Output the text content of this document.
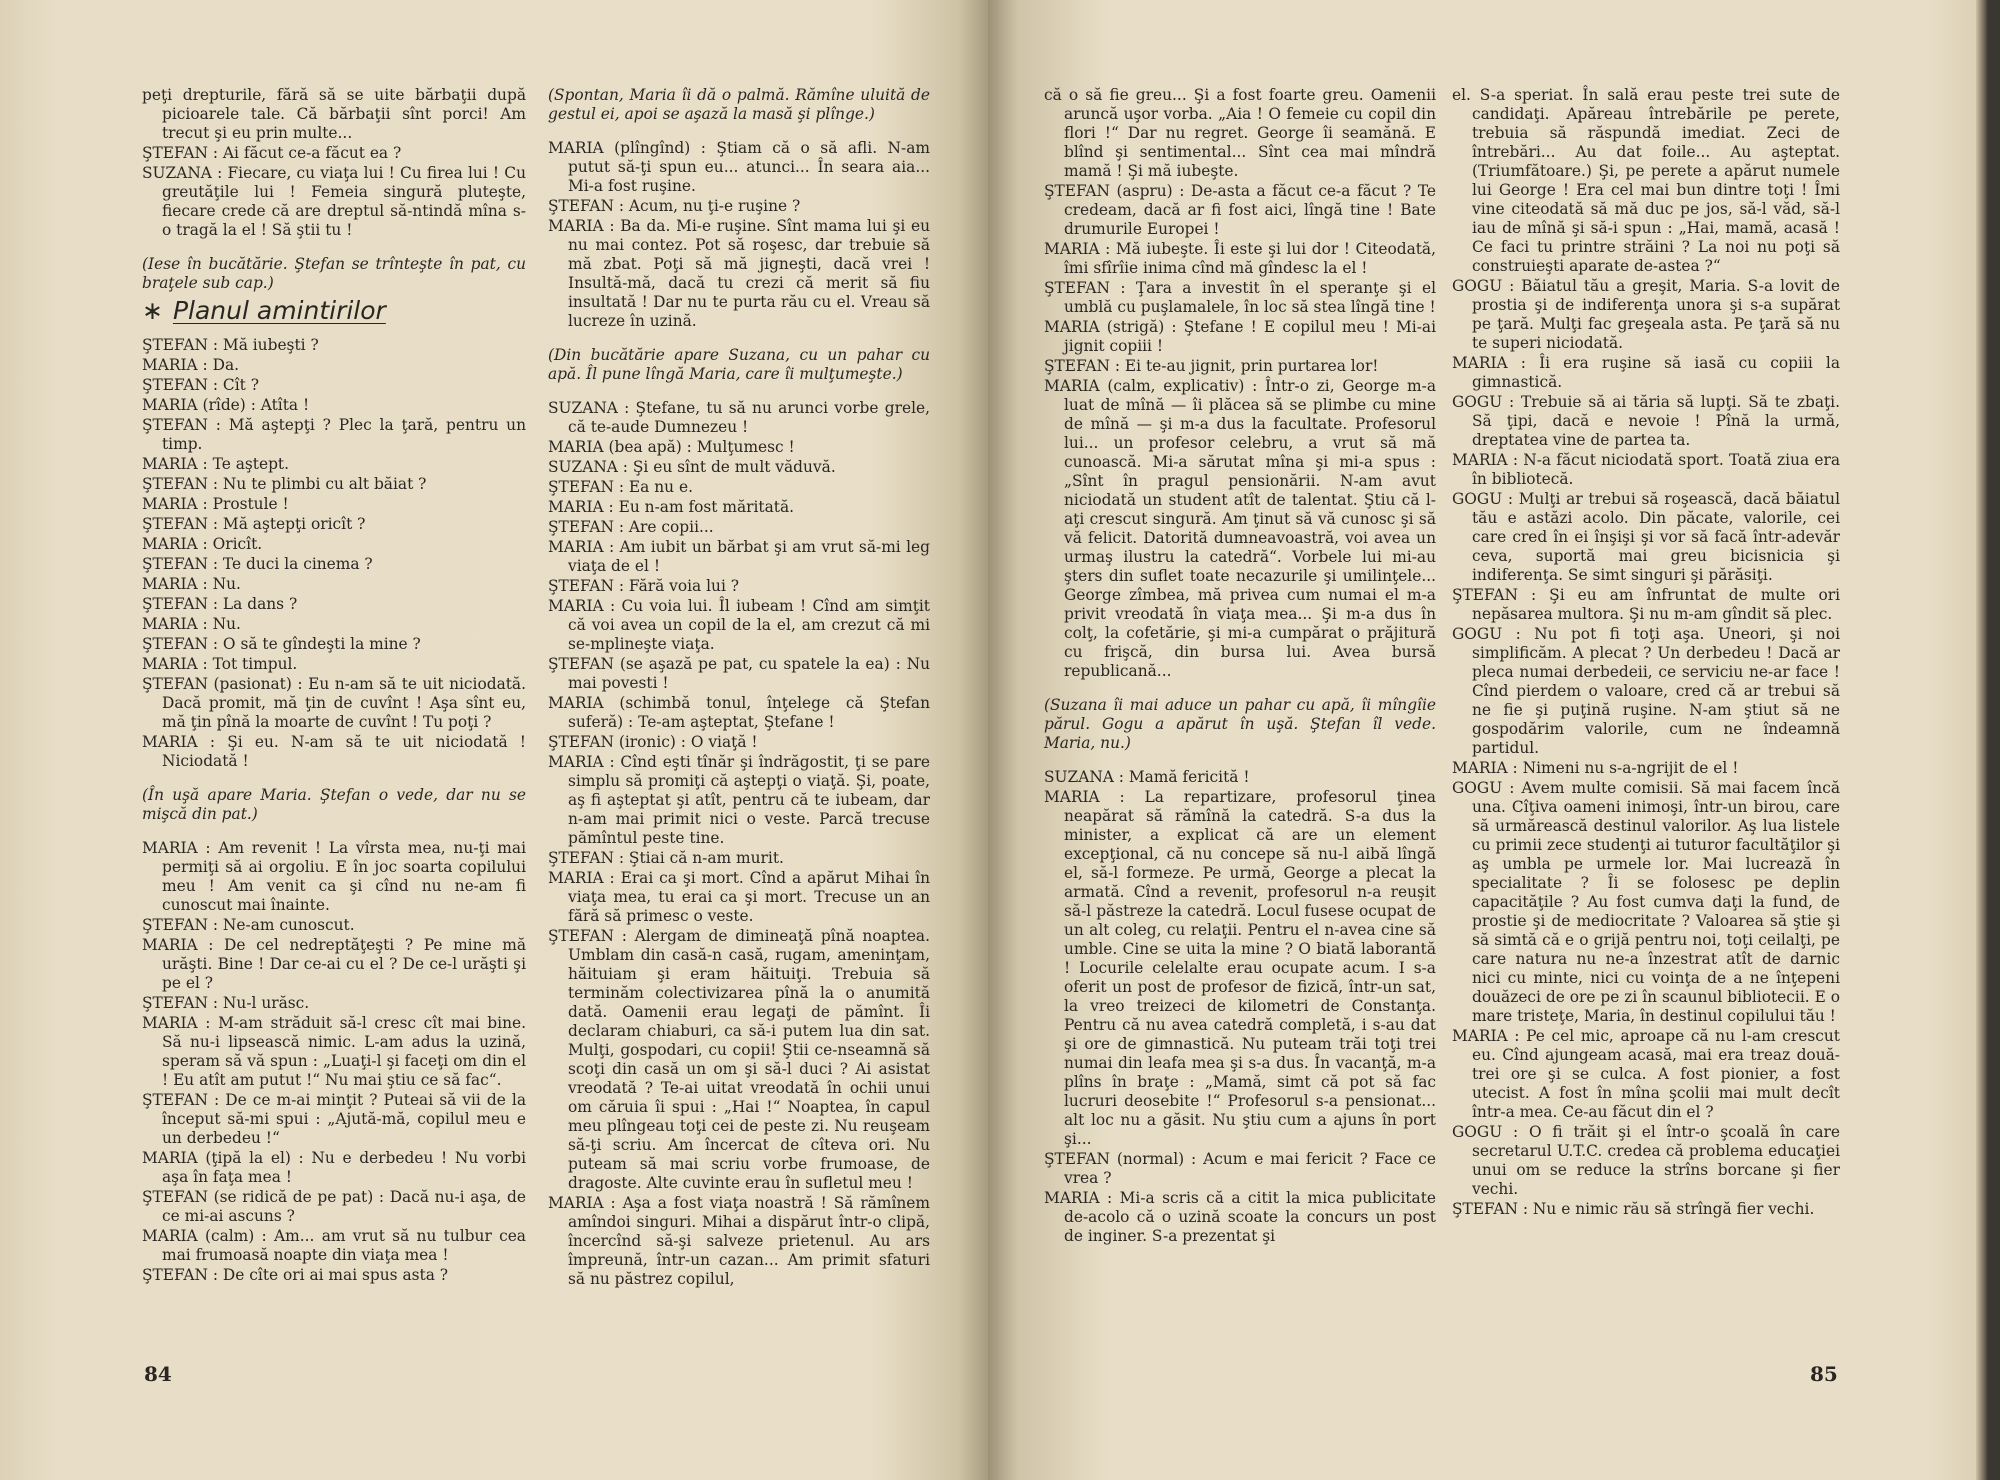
peţi drepturile, fără să se uite bărbaţii după picioarele tale. Că bărbaţii sînt porci! Am trecut şi eu prin multe...

ŞTEFAN : Ai făcut ce-a făcut ea ?

SUZANA : Fiecare, cu viaţa lui ! Cu firea lui ! Cu greutăţile lui ! Femeia singură pluteşte, fiecare crede că are dreptul să-ntindă mîna s-o tragă la el ! Să ştii tu !

(Iese în bucătărie. Ştefan se trînteşte în pat, cu braţele sub cap.)

∗ Planul amintirilor

ŞTEFAN : Mă iubeşti ?

MARIA : Da.

ŞTEFAN : Cît ?

MARIA (rîde) : Atîta !

ŞTEFAN : Mă aştepţi ? Plec la ţară, pentru un timp.

MARIA : Te aştept.

ŞTEFAN : Nu te plimbi cu alt băiat ?

MARIA : Prostule !

ŞTEFAN : Mă aştepţi oricît ?

MARIA : Oricît.

ŞTEFAN : Te duci la cinema ?

MARIA : Nu.

ŞTEFAN : La dans ?

MARIA : Nu.

ŞTEFAN : O să te gîndeşti la mine ?

MARIA : Tot timpul.

ŞTEFAN (pasionat) : Eu n-am să te uit niciodată. Dacă promit, mă ţin de cuvînt ! Aşa sînt eu, mă ţin pînă la moarte de cuvînt ! Tu poţi ?

MARIA : Şi eu. N-am să te uit niciodată ! Niciodată !

(În uşă apare Maria. Ştefan o vede, dar nu se mişcă din pat.)

MARIA : Am revenit ! La vîrsta mea, nu-ţi mai permiţi să ai orgoliu. E în joc soarta copilului meu ! Am venit ca şi cînd nu ne-am fi cunoscut mai înainte.

ŞTEFAN : Ne-am cunoscut.

MARIA : De cel nedreptăţeşti ? Pe mine mă urăşti. Bine ! Dar ce-ai cu el ? De ce-l urăşti şi pe el ?

ŞTEFAN : Nu-l urăsc.

MARIA : M-am străduit să-l cresc cît mai bine. Să nu-i lipsească nimic. L-am adus la uzină, speram să vă spun : „Luaţi-l şi faceţi om din el ! Eu atît am putut !“ Nu mai ştiu ce să fac“.

ŞTEFAN : De ce m-ai minţit ? Puteai să vii de la început să-mi spui : „Ajută-mă, copilul meu e un derbedeu !“

MARIA (ţipă la el) : Nu e derbedeu ! Nu vorbi aşa în faţa mea !

ŞTEFAN (se ridică de pe pat) : Dacă nu-i aşa, de ce mi-ai ascuns ?

MARIA (calm) : Am... am vrut să nu tulbur cea mai frumoasă noapte din viaţa mea !

ŞTEFAN : De cîte ori ai mai spus asta ?

(Spontan, Maria îi dă o palmă. Rămîne uluită de gestul ei, apoi se aşază la masă şi plînge.)

MARIA (plîngînd) : Ştiam că o să afli. N-am putut să-ţi spun eu... atunci... În seara aia... Mi-a fost ruşine.

ŞTEFAN : Acum, nu ţi-e ruşine ?

MARIA : Ba da. Mi-e ruşine. Sînt mama lui şi eu nu mai contez. Pot să roşesc, dar trebuie să mă zbat. Poţi să mă jigneşti, dacă vrei ! Insultă-mă, dacă tu crezi că merit să fiu insultată ! Dar nu te purta rău cu el. Vreau să lucreze în uzină.

(Din bucătărie apare Suzana, cu un pahar cu apă. Îl pune lîngă Maria, care îi mulţumeşte.)

SUZANA : Ştefane, tu să nu arunci vorbe grele, că te-aude Dumnezeu !

MARIA (bea apă) : Mulţumesc !

SUZANA : Şi eu sînt de mult văduvă.

ŞTEFAN : Ea nu e.

MARIA : Eu n-am fost măritată.

ŞTEFAN : Are copii...

MARIA : Am iubit un bărbat şi am vrut să-mi leg viaţa de el !

ŞTEFAN : Fără voia lui ?

MARIA : Cu voia lui. Îl iubeam ! Cînd am simţit că voi avea un copil de la el, am crezut că mi se-mplineşte viaţa.

ŞTEFAN (se aşază pe pat, cu spatele la ea) : Nu mai povesti !

MARIA (schimbă tonul, înţelege că Ştefan suferă) : Te-am aşteptat, Ştefane !

ŞTEFAN (ironic) : O viaţă !

MARIA : Cînd eşti tînăr şi îndrăgostit, ţi se pare simplu să promiţi că aştepţi o viaţă. Şi, poate, aş fi aşteptat şi atît, pentru că te iubeam, dar n-am mai primit nici o veste. Parcă trecuse pămîntul peste tine.

ŞTEFAN : Ştiai că n-am murit.

MARIA : Erai ca şi mort. Cînd a apărut Mihai în viaţa mea, tu erai ca şi mort. Trecuse un an fără să primesc o veste.

ŞTEFAN : Alergam de dimineaţă pînă noaptea. Umblam din casă-n casă, rugam, ameninţam, hăituiam şi eram hăituiţi. Trebuia să terminăm colectivizarea pînă la o anumită dată. Oamenii erau legaţi de pămînt. Îi declaram chiaburi, ca să-i putem lua din sat. Mulţi, gospodari, cu copii! Ştii ce-nseamnă să scoţi din casă un om şi să-l duci ? Ai asistat vreodată ? Te-ai uitat vreodată în ochii unui om căruia îi spui : „Hai !“ Noaptea, în capul meu plîngeau toţi cei de peste zi. Nu reuşeam să-ţi scriu. Am încercat de cîteva ori. Nu puteam să mai scriu vorbe frumoase, de dragoste. Alte cuvinte erau în sufletul meu !

MARIA : Aşa a fost viaţa noastră ! Să rămînem amîndoi singuri. Mihai a dispărut într-o clipă, încercînd să-şi salveze prietenul. Au ars împreună, într-un cazan... Am primit sfaturi să nu păstrez copilul,

84

că o să fie greu... Şi a fost foarte greu. Oamenii aruncă uşor vorba. „Aia ! O femeie cu copil din flori !“ Dar nu regret. George îi seamănă. E blînd şi sentimental... Sînt cea mai mîndră mamă ! Şi mă iubeşte.

ŞTEFAN (aspru) : De-asta a făcut ce-a făcut ? Te credeam, dacă ar fi fost aici, lîngă tine ! Bate drumurile Europei !

MARIA : Mă iubeşte. Îi este şi lui dor ! Citeodată, îmi sfîrîie inima cînd mă gîndesc la el !

ŞTEFAN : Ţara a investit în el speranţe şi el umblă cu puşlamalele, în loc să stea lîngă tine !

MARIA (strigă) : Ştefane ! E copilul meu ! Mi-ai jignit copiii !

ŞTEFAN : Ei te-au jignit, prin purtarea lor!

MARIA (calm, explicativ) : Într-o zi, George m-a luat de mînă — îi plăcea să se plimbe cu mine de mînă — şi m-a dus la facultate. Profesorul lui... un profesor celebru, a vrut să mă cunoască. Mi-a sărutat mîna şi mi-a spus : „Sînt în pragul pensionării. N-am avut niciodată un student atît de talentat. Ştiu că l-aţi crescut singură. Am ţinut să vă cunosc şi să vă felicit. Datorită dumneavoastră, voi avea un urmaş ilustru la catedră“. Vorbele lui mi-au şters din suflet toate necazurile şi umilinţele... George zîmbea, mă privea cum numai el m-a privit vreodată în viaţa mea... Şi m-a dus în colţ, la cofetărie, şi mi-a cumpărat o prăjitură cu frişcă, din bursa lui. Avea bursă republicană...

(Suzana îi mai aduce un pahar cu apă, îi mîngîie părul. Gogu a apărut în uşă. Ştefan îl vede. Maria, nu.)

SUZANA : Mamă fericită !

MARIA : La repartizare, profesorul ţinea neapărat să rămînă la catedră. S-a dus la minister, a explicat că are un element excepţional, că nu concepe să nu-l aibă lîngă el, să-l formeze. Pe urmă, George a plecat la armată. Cînd a revenit, profesorul n-a reuşit să-l păstreze la catedră. Locul fusese ocupat de un alt coleg, cu relaţii. Pentru el n-avea cine să umble. Cine se uita la mine ? O biată laborantă ! Locurile celelalte erau ocupate acum. I s-a oferit un post de profesor de fizică, într-un sat, la vreo treizeci de kilometri de Constanţa. Pentru că nu avea catedră completă, i s-au dat şi ore de gimnastică. Nu puteam trăi toţi trei numai din leafa mea şi s-a dus. În vacanţă, m-a plîns în braţe : „Mamă, simt că pot să fac lucruri deosebite !“ Profesorul s-a pensionat... alt loc nu a găsit. Nu ştiu cum a ajuns în port şi...

ŞTEFAN (normal) : Acum e mai fericit ? Face ce vrea ?

MARIA : Mi-a scris că a citit la mica publicitate de-acolo că o uzină scoate la concurs un post de inginer. S-a prezentat şi

el. S-a speriat. În sală erau peste trei sute de candidaţi. Apăreau întrebările pe perete, trebuia să răspundă imediat. Zeci de întrebări... Au dat foile... Au aşteptat. (Triumfătoare.) Şi, pe perete a apărut numele lui George ! Era cel mai bun dintre toţi ! Îmi vine citeodată să mă duc pe jos, să-l văd, să-l iau de mînă şi să-i spun : „Hai, mamă, acasă ! Ce faci tu printre străini ? La noi nu poţi să construieşti aparate de-astea ?“

GOGU : Băiatul tău a greşit, Maria. S-a lovit de prostia şi de indiferenţa unora şi s-a supărat pe ţară. Mulţi fac greşeala asta. Pe ţară să nu te superi niciodată.

MARIA : Îi era ruşine să iasă cu copiii la gimnastică.

GOGU : Trebuie să ai tăria să lupţi. Să te zbaţi. Să ţipi, dacă e nevoie ! Pînă la urmă, dreptatea vine de partea ta.

MARIA : N-a făcut niciodată sport. Toată ziua era în bibliotecă.

GOGU : Mulţi ar trebui să roşească, dacă băiatul tău e astăzi acolo. Din păcate, valorile, cei care cred în ei înşişi şi vor să facă într-adevăr ceva, suportă mai greu bicisnicia şi indiferenţa. Se simt singuri şi părăsiţi.

ŞTEFAN : Şi eu am înfruntat de multe ori nepăsarea multora. Şi nu m-am gîndit să plec.

GOGU : Nu pot fi toţi aşa. Uneori, şi noi simplificăm. A plecat ? Un derbedeu ! Dacă ar pleca numai derbedeii, ce serviciu ne-ar face ! Cînd pierdem o valoare, cred că ar trebui să ne fie şi puţină ruşine. N-am ştiut să ne gospodărim valorile, cum ne îndeamnă partidul.

MARIA : Nimeni nu s-a-ngrijit de el !

GOGU : Avem multe comisii. Să mai facem încă una. Cîţiva oameni inimoşi, într-un birou, care să urmărească destinul valorilor. Aş lua listele cu primii zece studenţi ai tuturor facultăţilor şi aş umbla pe urmele lor. Mai lucrează în specialitate ? Îi se folosesc pe deplin capacităţile ? Au fost cumva daţi la fund, de prostie şi de mediocritate ? Valoarea să ştie şi să simtă că e o grijă pentru noi, toţi ceilalţi, pe care natura nu ne-a înzestrat atît de darnic nici cu minte, nici cu voinţa de a ne înţepeni douăzeci de ore pe zi în scaunul bibliotecii. E o mare tristeţe, Maria, în destinul copilului tău !

MARIA : Pe cel mic, aproape că nu l-am crescut eu. Cînd ajungeam acasă, mai era treaz două-trei ore şi se culca. A fost pionier, a fost utecist. A fost în mîna şcolii mai mult decît într-a mea. Ce-au făcut din el ?

GOGU : O fi trăit şi el într-o şcoală în care secretarul U.T.C. credea că problema educaţiei unui om se reduce la strîns borcane şi fier vechi.

ŞTEFAN : Nu e nimic rău să strîngă fier vechi.

85
